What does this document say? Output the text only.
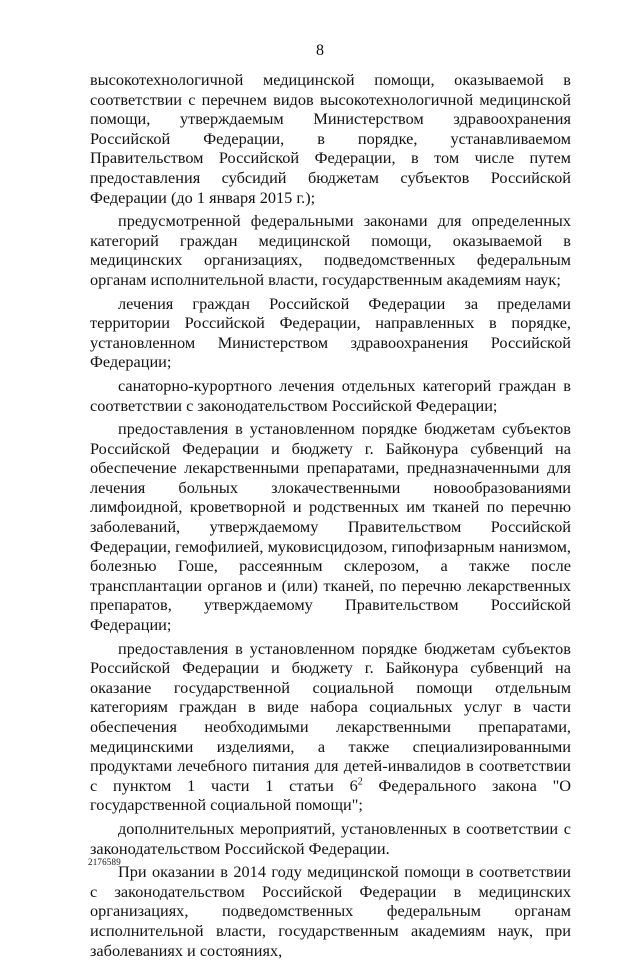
8

высокотехнологичной медицинской помощи, оказываемой в соответствии с перечнем видов высокотехнологичной медицинской помощи, утверждаемым Министерством здравоохранения Российской Федерации, в порядке, устанавливаемом Правительством Российской Федерации, в том числе путем предоставления субсидий бюджетам субъектов Российской Федерации (до 1 января 2015 г.);

предусмотренной федеральными законами для определенных категорий граждан медицинской помощи, оказываемой в медицинских организациях, подведомственных федеральным органам исполнительной власти, государственным академиям наук;

лечения граждан Российской Федерации за пределами территории Российской Федерации, направленных в порядке, установленном Министерством здравоохранения Российской Федерации;

санаторно-курортного лечения отдельных категорий граждан в соответствии с законодательством Российской Федерации;

предоставления в установленном порядке бюджетам субъектов Российской Федерации и бюджету г. Байконура субвенций на обеспечение лекарственными препаратами, предназначенными для лечения больных злокачественными новообразованиями лимфоидной, кроветворной и родственных им тканей по перечню заболеваний, утверждаемому Правительством Российской Федерации, гемофилией, муковисцидозом, гипофизарным нанизмом, болезнью Гоше, рассеянным склерозом, а также после трансплантации органов и (или) тканей, по перечню лекарственных препаратов, утверждаемому Правительством Российской Федерации;

предоставления в установленном порядке бюджетам субъектов Российской Федерации и бюджету г. Байконура субвенций на оказание государственной социальной помощи отдельным категориям граждан в виде набора социальных услуг в части обеспечения необходимыми лекарственными препаратами, медицинскими изделиями, а также специализированными продуктами лечебного питания для детей-инвалидов в соответствии с пунктом 1 части 1 статьи $6^2$ Федерального закона "О государственной социальной помощи";

дополнительных мероприятий, установленных в соответствии с законодательством Российской Федерации.

При оказании в 2014 году медицинской помощи в соответствии с законодательством Российской Федерации в медицинских организациях, подведомственных федеральным органам исполнительной власти, государственным академиям наук, при заболеваниях и состояниях,

2176589
